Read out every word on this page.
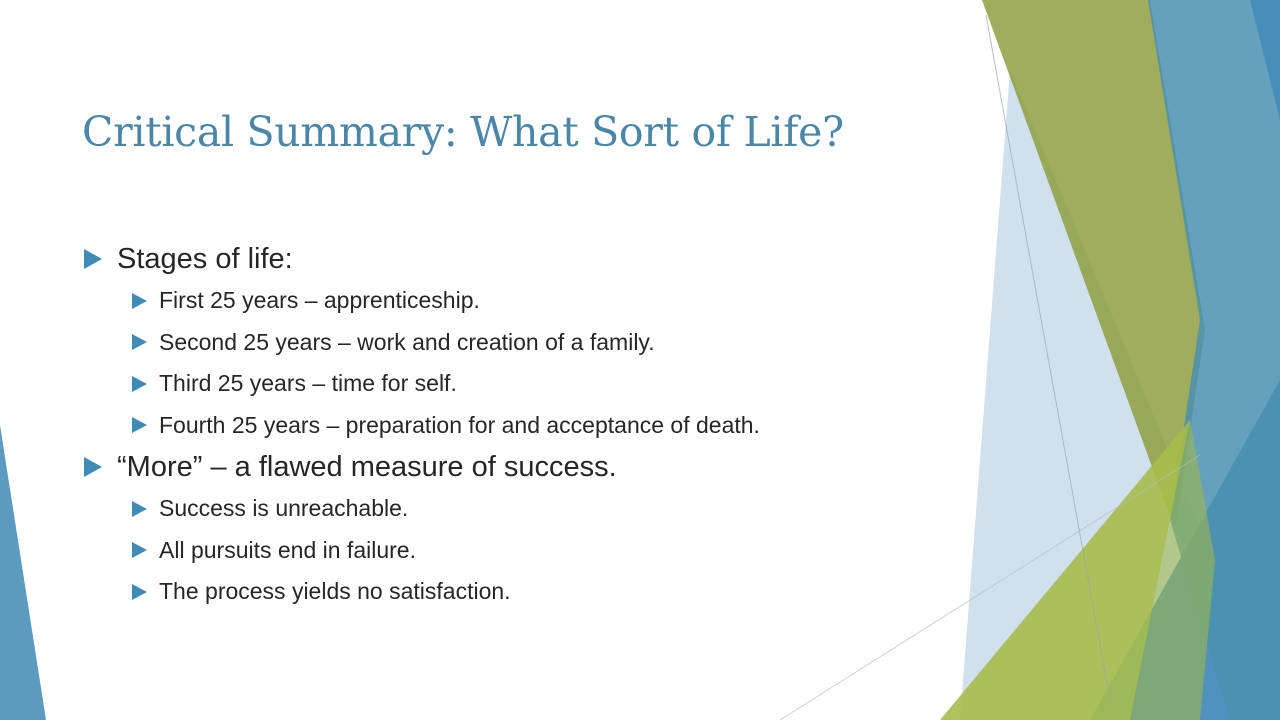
Critical Summary: What Sort of Life?
Stages of life:
First 25 years – apprenticeship.
Second 25 years – work and creation of a family.
Third 25 years – time for self.
Fourth 25 years – preparation for and acceptance of death.
“More” – a flawed measure of success.
Success is unreachable.
All pursuits end in failure.
The process yields no satisfaction.
